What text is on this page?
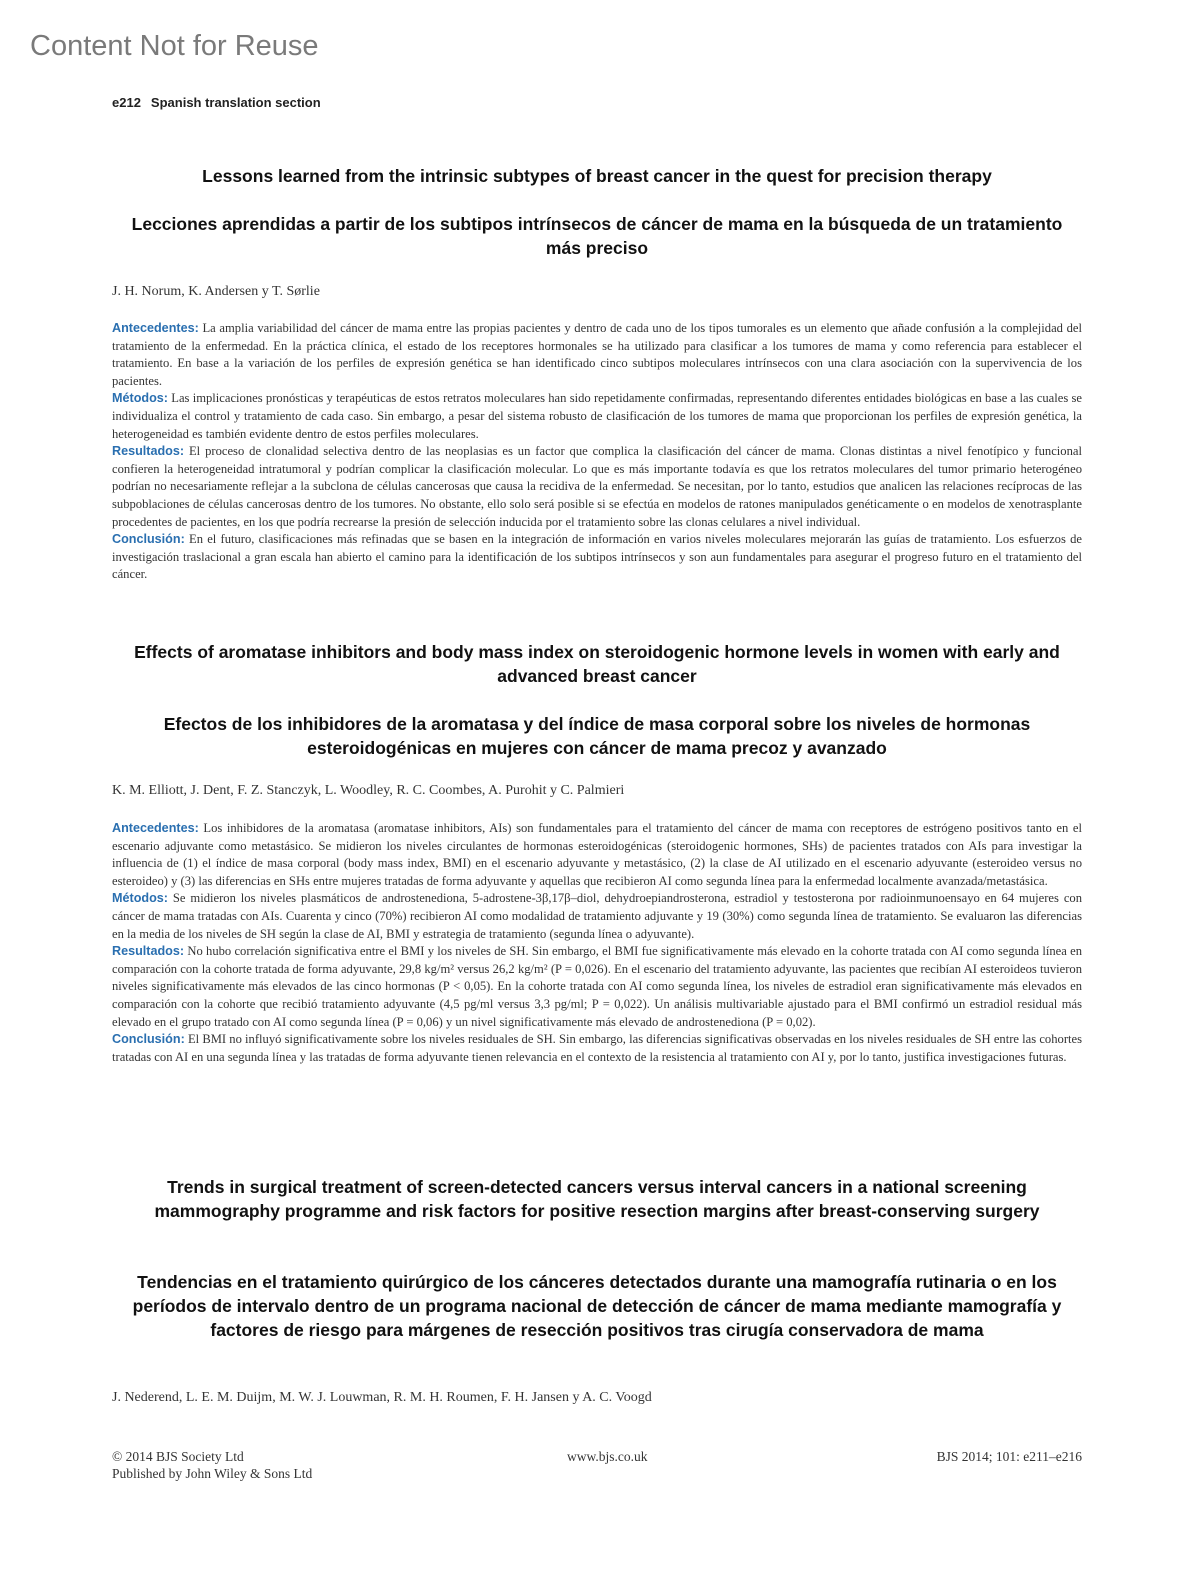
Content Not for Reuse
e212 Spanish translation section
Lessons learned from the intrinsic subtypes of breast cancer in the quest for precision therapy
Lecciones aprendidas a partir de los subtipos intrínsecos de cáncer de mama en la búsqueda de un tratamiento más preciso
J. H. Norum, K. Andersen y T. Sørlie

Antecedentes: La amplia variabilidad del cáncer de mama entre las propias pacientes y dentro de cada uno de los tipos tumorales es un elemento que añade confusión a la complejidad del tratamiento de la enfermedad. En la práctica clínica, el estado de los receptores hormonales se ha utilizado para clasificar a los tumores de mama y como referencia para establecer el tratamiento. En base a la variación de los perfiles de expresión genética se han identificado cinco subtipos moleculares intrínsecos con una clara asociación con la supervivencia de los pacientes.

Métodos: Las implicaciones pronósticas y terapéuticas de estos retratos moleculares han sido repetidamente confirmadas, representando diferentes entidades biológicas en base a las cuales se individualiza el control y tratamiento de cada caso. Sin embargo, a pesar del sistema robusto de clasificación de los tumores de mama que proporcionan los perfiles de expresión genética, la heterogeneidad es también evidente dentro de estos perfiles moleculares.

Resultados: El proceso de clonalidad selectiva dentro de las neoplasias es un factor que complica la clasificación del cáncer de mama. Clonas distintas a nivel fenotípico y funcional confieren la heterogeneidad intratumoral y podrían complicar la clasificación molecular. Lo que es más importante todavía es que los retratos moleculares del tumor primario heterogéneo podrían no necesariamente reflejar a la subclona de células cancerosas que causa la recidiva de la enfermedad. Se necesitan, por lo tanto, estudios que analicen las relaciones recíprocas de las subpoblaciones de células cancerosas dentro de los tumores. No obstante, ello solo será posible si se efectúa en modelos de ratones manipulados genéticamente o en modelos de xenotrasplante procedentes de pacientes, en los que podría recrearse la presión de selección inducida por el tratamiento sobre las clonas celulares a nivel individual.

Conclusión: En el futuro, clasificaciones más refinadas que se basen en la integración de información en varios niveles moleculares mejorarán las guías de tratamiento. Los esfuerzos de investigación traslacional a gran escala han abierto el camino para la identificación de los subtipos intrínsecos y son aun fundamentales para asegurar el progreso futuro en el tratamiento del cáncer.

Effects of aromatase inhibitors and body mass index on steroidogenic hormone levels in women with early and advanced breast cancer
Efectos de los inhibidores de la aromatasa y del índice de masa corporal sobre los niveles de hormonas esteroidogénicas en mujeres con cáncer de mama precoz y avanzado
K. M. Elliott, J. Dent, F. Z. Stanczyk, L. Woodley, R. C. Coombes, A. Purohit y C. Palmieri

Antecedentes: Los inhibidores de la aromatasa (aromatase inhibitors, AIs) son fundamentales para el tratamiento del cáncer de mama con receptores de estrógeno positivos tanto en el escenario adjuvante como metastásico. Se midieron los niveles circulantes de hormonas esteroidogénicas (steroidogenic hormones, SHs) de pacientes tratados con AIs para investigar la influencia de (1) el índice de masa corporal (body mass index, BMI) en el escenario adyuvante y metastásico, (2) la clase de AI utilizado en el escenario adyuvante (esteroideo versus no esteroideo) y (3) las diferencias en SHs entre mujeres tratadas de forma adyuvante y aquellas que recibieron AI como segunda línea para la enfermedad localmente avanzada/metastásica.

Métodos: Se midieron los niveles plasmáticos de androstenediona, 5-adrostene-3β,17β–diol, dehydroepiandrosterona, estradiol y testosterona por radioinmunoensayo en 64 mujeres con cáncer de mama tratadas con AIs. Cuarenta y cinco (70%) recibieron AI como modalidad de tratamiento adjuvante y 19 (30%) como segunda línea de tratamiento. Se evaluaron las diferencias en la media de los niveles de SH según la clase de AI, BMI y estrategia de tratamiento (segunda línea o adyuvante).

Resultados: No hubo correlación significativa entre el BMI y los niveles de SH. Sin embargo, el BMI fue significativamente más elevado en la cohorte tratada con AI como segunda línea en comparación con la cohorte tratada de forma adyuvante, 29,8 kg/m² versus 26,2 kg/m² (P = 0,026). En el escenario del tratamiento adyuvante, las pacientes que recibían AI esteroideos tuvieron niveles significativamente más elevados de las cinco hormonas (P < 0,05). En la cohorte tratada con AI como segunda línea, los niveles de estradiol eran significativamente más elevados en comparación con la cohorte que recibió tratamiento adyuvante (4,5 pg/ml versus 3,3 pg/ml; P = 0,022). Un análisis multivariable ajustado para el BMI confirmó un estradiol residual más elevado en el grupo tratado con AI como segunda línea (P = 0,06) y un nivel significativamente más elevado de androstenediona (P = 0,02).

Conclusión: El BMI no influyó significativamente sobre los niveles residuales de SH. Sin embargo, las diferencias significativas observadas en los niveles residuales de SH entre las cohortes tratadas con AI en una segunda línea y las tratadas de forma adyuvante tienen relevancia en el contexto de la resistencia al tratamiento con AI y, por lo tanto, justifica investigaciones futuras.

Trends in surgical treatment of screen-detected cancers versus interval cancers in a national screening mammography programme and risk factors for positive resection margins after breast-conserving surgery
Tendencias en el tratamiento quirúrgico de los cánceres detectados durante una mamografía rutinaria o en los períodos de intervalo dentro de un programa nacional de detección de cáncer de mama mediante mamografía y factores de riesgo para márgenes de resección positivos tras cirugía conservadora de mama
J. Nederend, L. E. M. Duijm, M. W. J. Louwman, R. M. H. Roumen, F. H. Jansen y A. C. Voogd
© 2014 BJS Society Ltd
Published by John Wiley & Sons Ltd
www.bjs.co.uk	BJS 2014; 101: e211–e216
